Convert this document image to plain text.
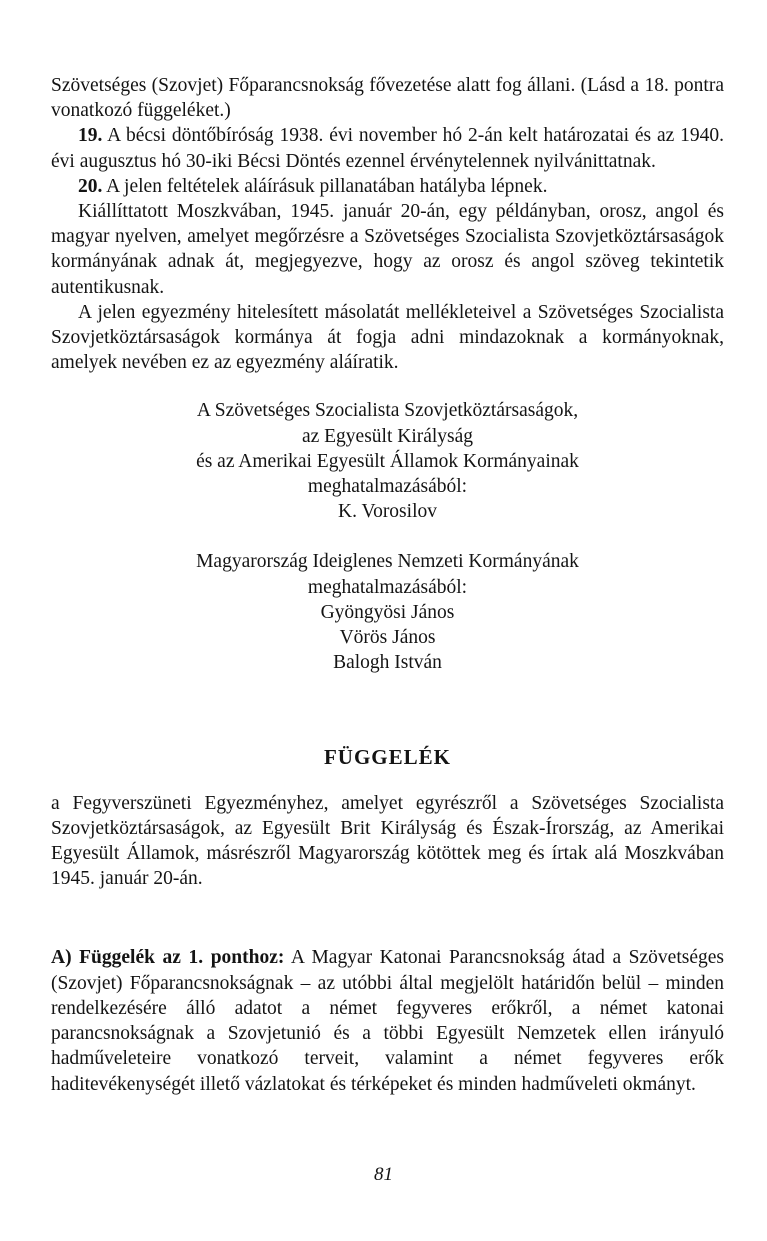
Szövetséges (Szovjet) Főparancsnokság fővezetése alatt fog állani. (Lásd a 18. pontra vonatkozó függeléket.)

19. A bécsi döntőbíróság 1938. évi november hó 2-án kelt határozatai és az 1940. évi augusztus hó 30-iki Bécsi Döntés ezennel érvénytelennek nyilvánittatnak.

20. A jelen feltételek aláírásuk pillanatában hatályba lépnek.

Kiállíttatott Moszkvában, 1945. január 20-án, egy példányban, orosz, angol és magyar nyelven, amelyet megőrzésre a Szövetséges Szocialista Szovjetköztársaságok kormányának adnak át, megjegyezve, hogy az orosz és angol szöveg tekintetik autentikusnak.

A jelen egyezmény hitelesített másolatát mellékleteivel a Szövetséges Szocialista Szovjetköztársaságok kormánya át fogja adni mindazoknak a kormányoknak, amelyek nevében ez az egyezmény aláíratik.

A Szövetséges Szocialista Szovjetköztársaságok,

az Egyesült Királyság

és az Amerikai Egyesült Államok Kormányainak

meghatalmazásából:

K. Vorosilov

Magyarország Ideiglenes Nemzeti Kormányának

meghatalmazásából:

Gyöngyösi János

Vörös János

Balogh István

FÜGGELÉK

a Fegyverszüneti Egyezményhez, amelyet egyrészről a Szövetséges Szocialista Szovjetköztársaságok, az Egyesült Brit Királyság és Észak-Írország, az Amerikai Egyesült Államok, másrészről Magyarország kötöttek meg és írtak alá Moszkvában 1945. január 20-án.

A) Függelék az 1. ponthoz: A Magyar Katonai Parancsnokság átad a Szövetséges (Szovjet) Főparancsnokságnak – az utóbbi által megjelölt határidőn belül – minden rendelkezésére álló adatot a német fegyveres erőkről, a német katonai parancsnokságnak a Szovjetunió és a többi Egyesült Nemzetek ellen irányuló hadműveleteire vonatkozó terveit, valamint a német fegyveres erők haditevékenységét illető vázlatokat és térképeket és minden hadműveleti okmányt.

81
